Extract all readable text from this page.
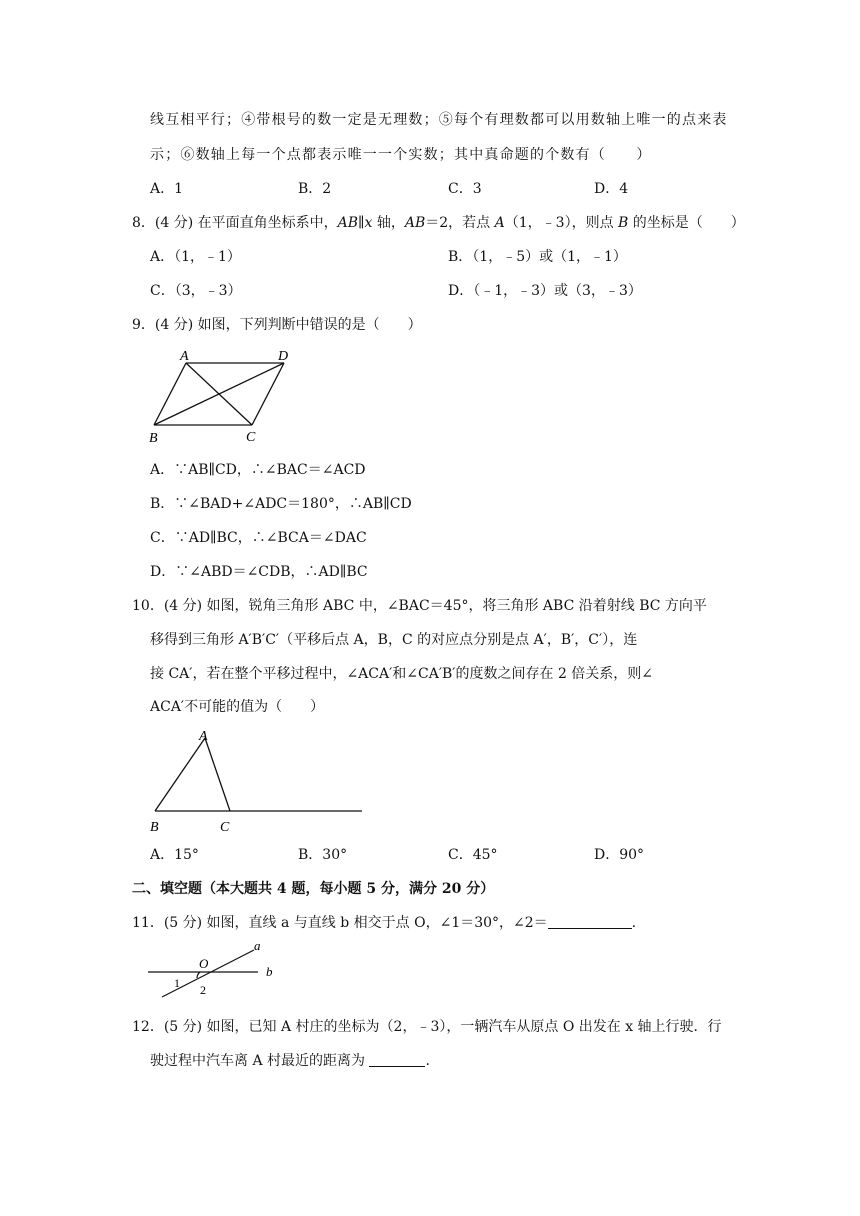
线互相平行；④带根号的数一定是无理数；⑤每个有理数都可以用数轴上唯一的点来表
示；⑥数轴上每一个点都表示唯一一个实数；其中真命题的个数有（　　）
A．1	B．2	C．3	D．4
8．(4 分) 在平面直角坐标系中，AB∥x 轴，AB＝2，若点 A（1，﹣3），则点 B 的坐标是（　　）
A．（1，﹣1）	B．（1，﹣5）或（1，﹣1）
C．（3，﹣3）	D．（﹣1，﹣3）或（3，﹣3）
9．(4 分) 如图，下列判断中错误的是（　　）
A	D
B	C
A．∵AB∥CD，∴∠BAC＝∠ACD
B．∵∠BAD+∠ADC＝180°，∴AB∥CD
C．∵AD∥BC，∴∠BCA＝∠DAC
D．∵∠ABD＝∠CDB，∴AD∥BC
10．(4 分) 如图，锐角三角形 ABC 中，∠BAC＝45°，将三角形 ABC 沿着射线 BC 方向平
移得到三角形 A′B′C′（平移后点 A，B，C 的对应点分别是点 A′，B′，C′），连
接 CA′，若在整个平移过程中，∠ACA′和∠CA′B′的度数之间存在 2 倍关系，则∠
ACA′不可能的值为（　　）
A
B	C
A．15°	B．30°	C．45°	D．90°
二、填空题（本大题共 4 题，每小题 5 分，满分 20 分）
11．(5 分) 如图，直线 a 与直线 b 相交于点 O，∠1＝30°，∠2＝	.
a
O
b
1 2
12．(5 分) 如图，已知 A 村庄的坐标为（2，﹣3），一辆汽车从原点 O 出发在 x 轴上行驶．行
驶过程中汽车离 A 村最近的距离为	.
